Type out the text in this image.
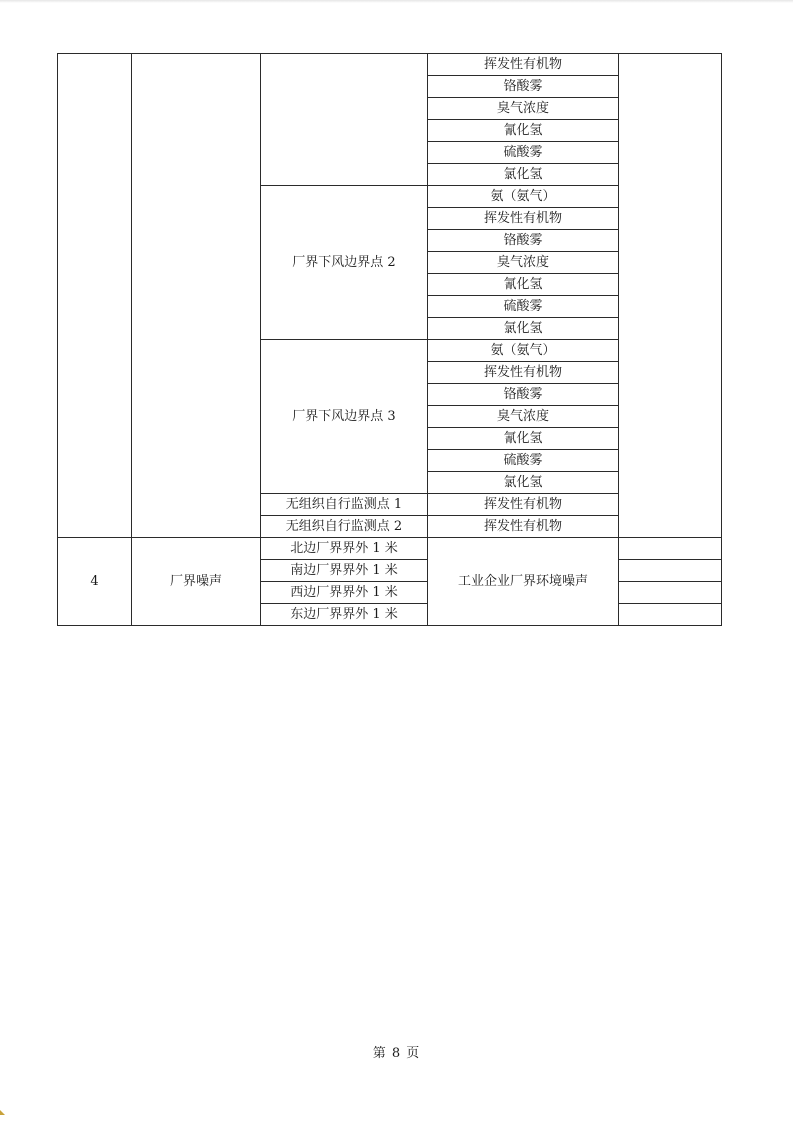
			挥发性有机物	
			铬酸雾	
			臭气浓度	
			氰化氢	
			硫酸雾	
			氯化氢	
		厂界下风边界点 2	氨（氨气）	
			挥发性有机物	
			铬酸雾	
			臭气浓度	
			氰化氢	
			硫酸雾	
			氯化氢	
		厂界下风边界点 3	氨（氨气）	
			挥发性有机物	
			铬酸雾	
			臭气浓度	
			氰化氢	
			硫酸雾	
			氯化氢	
		无组织自行监测点 1	挥发性有机物	
		无组织自行监测点 2	挥发性有机物	
4	厂界噪声	北边厂界界外 1 米	工业企业厂界环境噪声	
		南边厂界界外 1 米		
		西边厂界界外 1 米		
		东边厂界界外 1 米		
第 8 页
